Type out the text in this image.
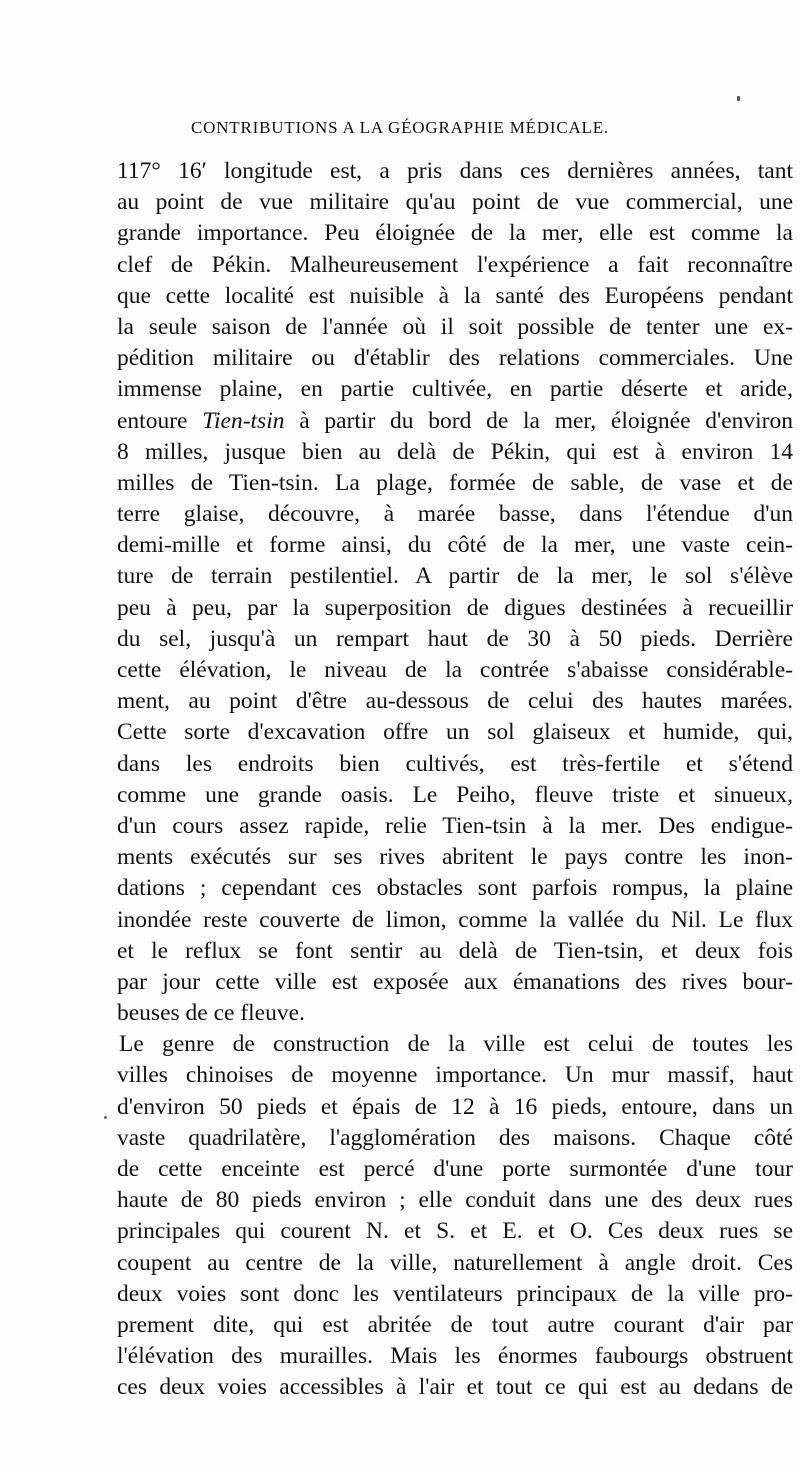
CONTRIBUTIONS A LA GÉOGRAPHIE MÉDICALE.
117° 16′ longitude est, a pris dans ces dernières années, tant
au point de vue militaire qu'au point de vue commercial, une
grande importance. Peu éloignée de la mer, elle est comme la
clef de Pékin. Malheureusement l'expérience a fait reconnaître
que cette localité est nuisible à la santé des Européens pendant
la seule saison de l'année où il soit possible de tenter une ex-
pédition militaire ou d'établir des relations commerciales. Une
immense plaine, en partie cultivée, en partie déserte et aride,
entoure Tien-tsin à partir du bord de la mer, éloignée d'environ
8 milles, jusque bien au delà de Pékin, qui est à environ 14
milles de Tien-tsin. La plage, formée de sable, de vase et de
terre glaise, découvre, à marée basse, dans l'étendue d'un
demi-mille et forme ainsi, du côté de la mer, une vaste cein-
ture de terrain pestilentiel. A partir de la mer, le sol s'élève
peu à peu, par la superposition de digues destinées à recueillir
du sel, jusqu'à un rempart haut de 30 à 50 pieds. Derrière
cette élévation, le niveau de la contrée s'abaisse considérable-
ment, au point d'être au-dessous de celui des hautes marées.
Cette sorte d'excavation offre un sol glaiseux et humide, qui,
dans les endroits bien cultivés, est très-fertile et s'étend
comme une grande oasis. Le Peiho, fleuve triste et sinueux,
d'un cours assez rapide, relie Tien-tsin à la mer. Des endigue-
ments exécutés sur ses rives abritent le pays contre les inon-
dations ; cependant ces obstacles sont parfois rompus, la plaine
inondée reste couverte de limon, comme la vallée du Nil. Le flux
et le reflux se font sentir au delà de Tien-tsin, et deux fois
par jour cette ville est exposée aux émanations des rives bour-
beuses de ce fleuve.
Le genre de construction de la ville est celui de toutes les
villes chinoises de moyenne importance. Un mur massif, haut
d'environ 50 pieds et épais de 12 à 16 pieds, entoure, dans un
vaste quadrilatère, l'agglomération des maisons. Chaque côté
de cette enceinte est percé d'une porte surmontée d'une tour
haute de 80 pieds environ ; elle conduit dans une des deux rues
principales qui courent N. et S. et E. et O. Ces deux rues se
coupent au centre de la ville, naturellement à angle droit. Ces
deux voies sont donc les ventilateurs principaux de la ville pro-
prement dite, qui est abritée de tout autre courant d'air par
l'élévation des murailles. Mais les énormes faubourgs obstruent
ces deux voies accessibles à l'air et tout ce qui est au dedans de
